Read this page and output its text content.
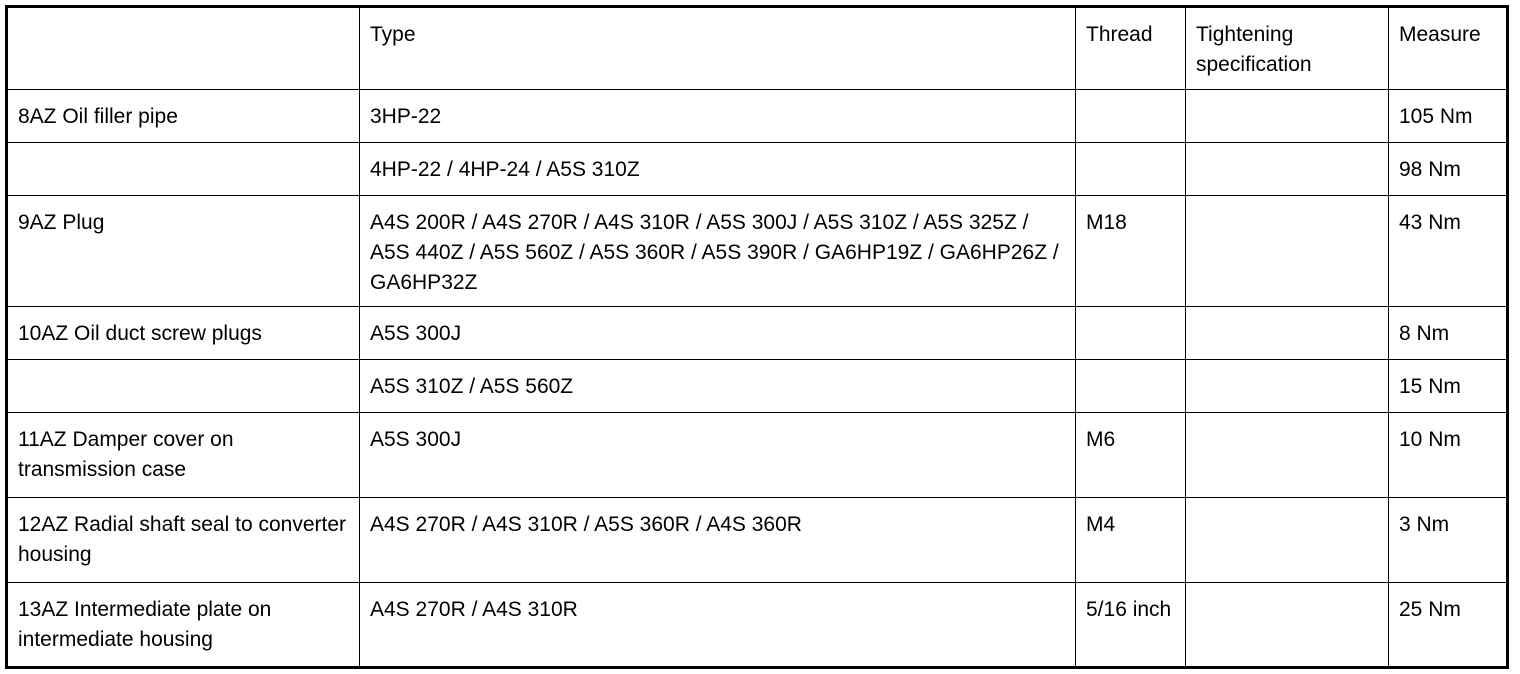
	Type	Thread	Tightening specification	Measure
8AZ Oil filler pipe	3HP-22			105 Nm
	4HP-22 / 4HP-24 / A5S 310Z			98 Nm
9AZ Plug	A4S 200R / A4S 270R / A4S 310R / A5S 300J / A5S 310Z / A5S 325Z / A5S 440Z / A5S 560Z / A5S 360R / A5S 390R / GA6HP19Z / GA6HP26Z / GA6HP32Z	M18		43 Nm
10AZ Oil duct screw plugs	A5S 300J			8 Nm
	A5S 310Z / A5S 560Z			15 Nm
11AZ Damper cover on transmission case	A5S 300J	M6		10 Nm
12AZ Radial shaft seal to converter housing	A4S 270R / A4S 310R / A5S 360R / A4S 360R	M4		3 Nm
13AZ Intermediate plate on intermediate housing	A4S 270R / A4S 310R	5/16 inch		25 Nm
